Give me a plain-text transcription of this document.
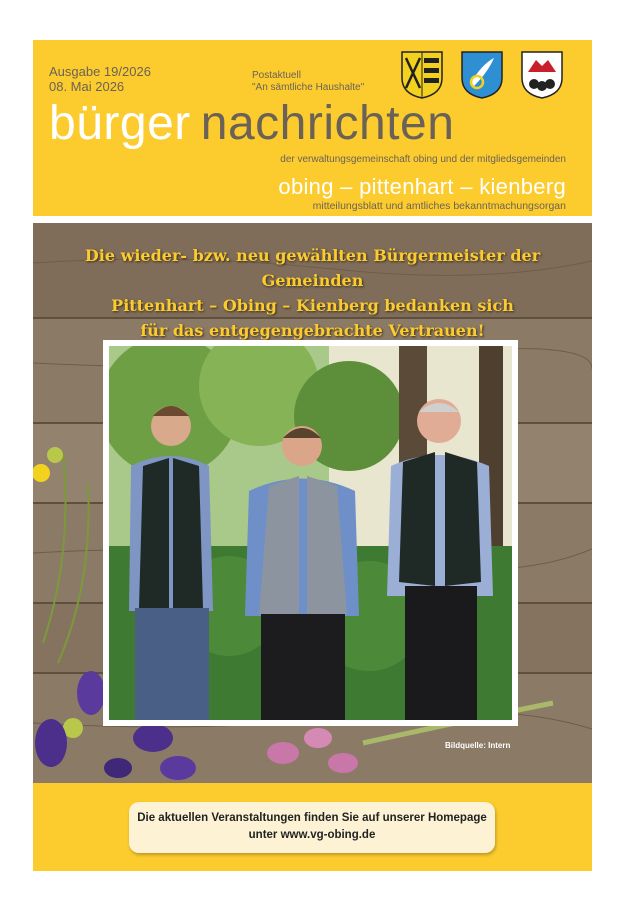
Ausgabe 19/2026
08. Mai 2026
Postaktuell
"An sämtliche Haushalte"
bürger nachrichten
der verwaltungsgemeinschaft obing und der mitgliedsgemeinden
obing – pittenhart – kienberg
mitteilungsblatt und amtliches bekanntmachungsorgan
Die wieder- bzw. neu gewählten Bürgermeister der Gemeinden
Pittenhart – Obing – Kienberg bedanken sich
für das entgegengebrachte Vertrauen!
Bildquelle: Intern
Die aktuellen Veranstaltungen finden Sie auf unserer Homepage
unter www.vg-obing.de
